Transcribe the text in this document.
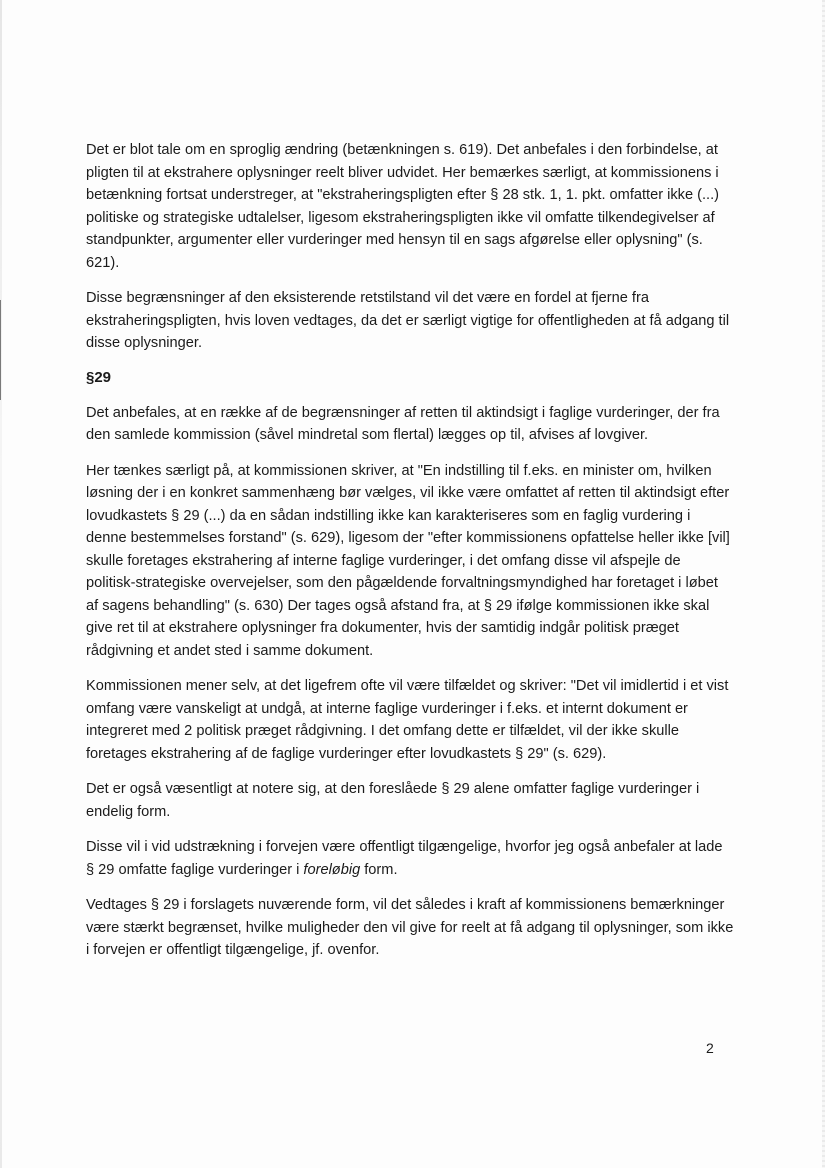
Det er blot tale om en sproglig ændring (betænkningen s. 619). Det anbefales i den forbindelse, at pligten til at ekstrahere oplysninger reelt bliver udvidet. Her bemærkes særligt, at kommissionens i betænkning fortsat understreger, at "ekstraheringspligten efter § 28 stk. 1, 1. pkt. omfatter ikke (...) politiske og strategiske udtalelser, ligesom ekstraheringspligten ikke vil omfatte tilkendegivelser af standpunkter, argumenter eller vurderinger med hensyn til en sags afgørelse eller oplysning" (s. 621).

Disse begrænsninger af den eksisterende retstilstand vil det være en fordel at fjerne fra ekstraheringspligten, hvis loven vedtages, da det er særligt vigtige for offentligheden at få adgang til disse oplysninger.

§29

Det anbefales, at en række af de begrænsninger af retten til aktindsigt i faglige vurderinger, der fra den samlede kommission (såvel mindretal som flertal) lægges op til, afvises af lovgiver.

Her tænkes særligt på, at kommissionen skriver, at "En indstilling til f.eks. en minister om, hvilken løsning der i en konkret sammenhæng bør vælges, vil ikke være omfattet af retten til aktindsigt efter lovudkastets § 29 (...) da en sådan indstilling ikke kan karakteriseres som en faglig vurdering i denne bestemmelses forstand" (s. 629), ligesom der "efter kommissionens opfattelse heller ikke [vil] skulle foretages ekstrahering af interne faglige vurderinger, i det omfang disse vil afspejle de politisk-strategiske overvejelser, som den pågældende forvaltningsmyndighed har foretaget i løbet af sagens behandling" (s. 630) Der tages også afstand fra, at § 29 ifølge kommissionen ikke skal give ret til at ekstrahere oplysninger fra dokumenter, hvis der samtidig indgår politisk præget rådgivning et andet sted i samme dokument.

Kommissionen mener selv, at det ligefrem ofte vil være tilfældet og skriver: "Det vil imidlertid i et vist omfang være vanskeligt at undgå, at interne faglige vurderinger i f.eks. et internt dokument er integreret med 2 politisk præget rådgivning. I det omfang dette er tilfældet, vil der ikke skulle foretages ekstrahering af de faglige vurderinger efter lovudkastets § 29" (s. 629).

Det er også væsentligt at notere sig, at den foreslåede § 29 alene omfatter faglige vurderinger i endelig form.

Disse vil i vid udstrækning i forvejen være offentligt tilgængelige, hvorfor jeg også anbefaler at lade § 29 omfatte faglige vurderinger i foreløbig form.

Vedtages § 29 i forslagets nuværende form, vil det således i kraft af kommissionens bemærkninger være stærkt begrænset, hvilke muligheder den vil give for reelt at få adgang til oplysninger, som ikke i forvejen er offentligt tilgængelige, jf. ovenfor.

2
